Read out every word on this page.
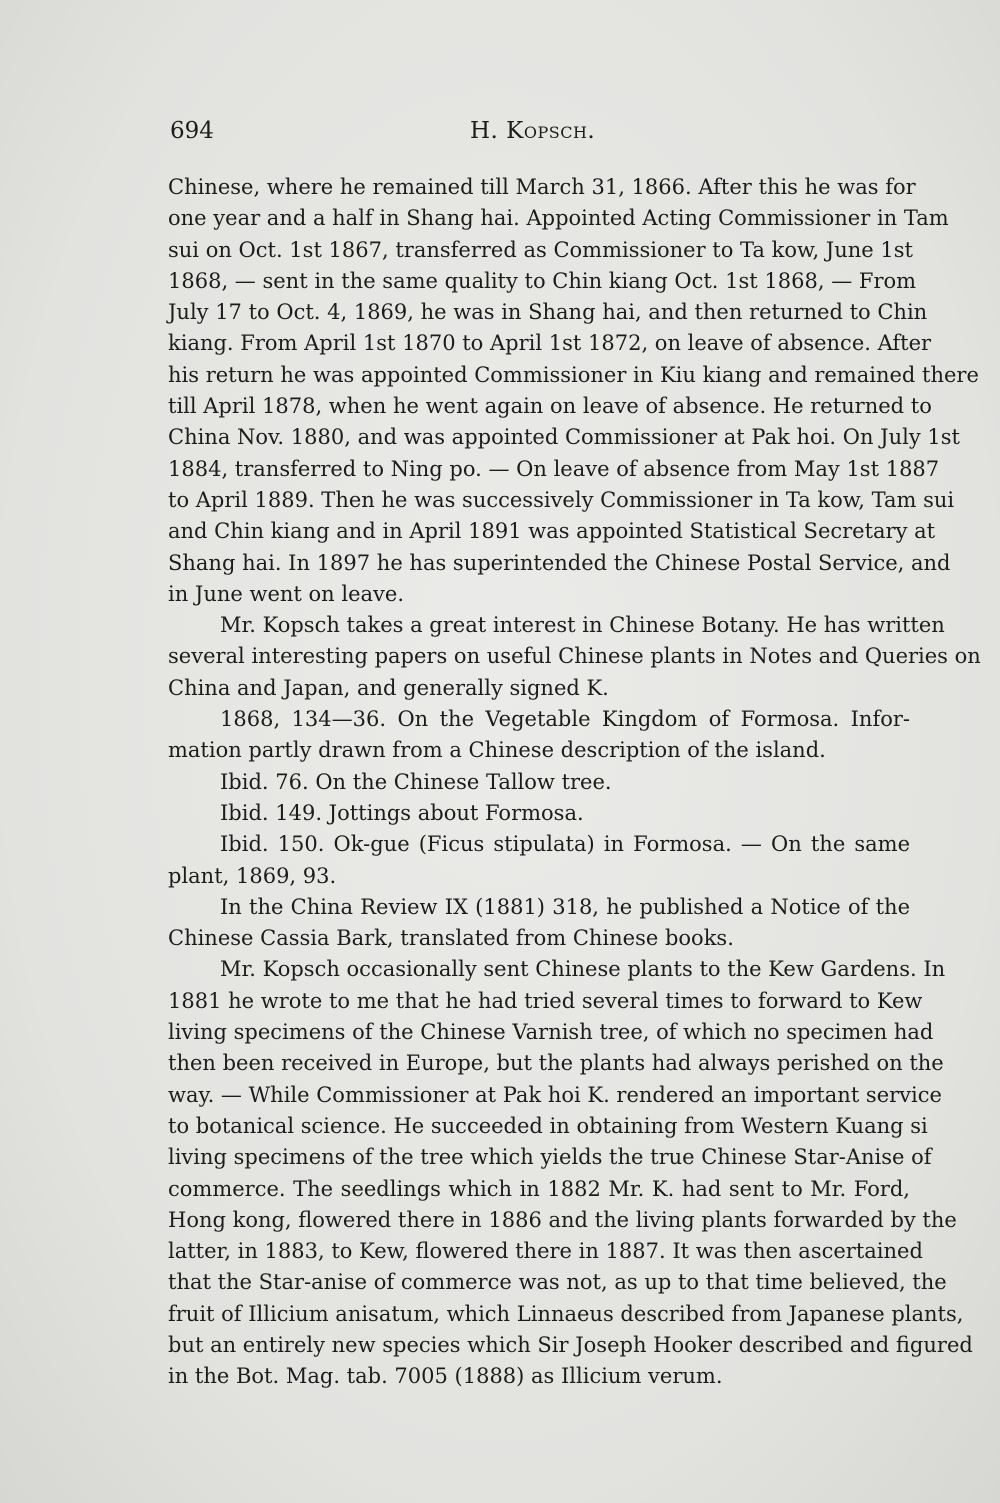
694	H. Kopsch.
Chinese, where he remained till March 31, 1866. After this he was for
one year and a half in Shang hai. Appointed Acting Commissioner in Tam
sui on Oct. 1st 1867, transferred as Commissioner to Ta kow, June 1st
1868, — sent in the same quality to Chin kiang Oct. 1st 1868, — From
July 17 to Oct. 4, 1869, he was in Shang hai, and then returned to Chin
kiang. From April 1st 1870 to April 1st 1872, on leave of absence. After
his return he was appointed Commissioner in Kiu kiang and remained there
till April 1878, when he went again on leave of absence. He returned to
China Nov. 1880, and was appointed Commissioner at Pak hoi. On July 1st
1884, transferred to Ning po. — On leave of absence from May 1st 1887
to April 1889. Then he was successively Commissioner in Ta kow, Tam sui
and Chin kiang and in April 1891 was appointed Statistical Secretary at
Shang hai. In 1897 he has superintended the Chinese Postal Service, and
in June went on leave.
Mr. Kopsch takes a great interest in Chinese Botany. He has written
several interesting papers on useful Chinese plants in Notes and Queries on
China and Japan, and generally signed K.
1868, 134—36. On the Vegetable Kingdom of Formosa. Infor-
mation partly drawn from a Chinese description of the island.
Ibid. 76. On the Chinese Tallow tree.
Ibid. 149. Jottings about Formosa.
Ibid. 150. Ok-gue (Ficus stipulata) in Formosa. — On the same
plant, 1869, 93.
In the China Review IX (1881) 318, he published a Notice of the
Chinese Cassia Bark, translated from Chinese books.
Mr. Kopsch occasionally sent Chinese plants to the Kew Gardens. In
1881 he wrote to me that he had tried several times to forward to Kew
living specimens of the Chinese Varnish tree, of which no specimen had
then been received in Europe, but the plants had always perished on the
way. — While Commissioner at Pak hoi K. rendered an important service
to botanical science. He succeeded in obtaining from Western Kuang si
living specimens of the tree which yields the true Chinese Star-Anise of
commerce. The seedlings which in 1882 Mr. K. had sent to Mr. Ford,
Hong kong, flowered there in 1886 and the living plants forwarded by the
latter, in 1883, to Kew, flowered there in 1887. It was then ascertained
that the Star-anise of commerce was not, as up to that time believed, the
fruit of Illicium anisatum, which Linnaeus described from Japanese plants,
but an entirely new species which Sir Joseph Hooker described and figured
in the Bot. Mag. tab. 7005 (1888) as Illicium verum.
